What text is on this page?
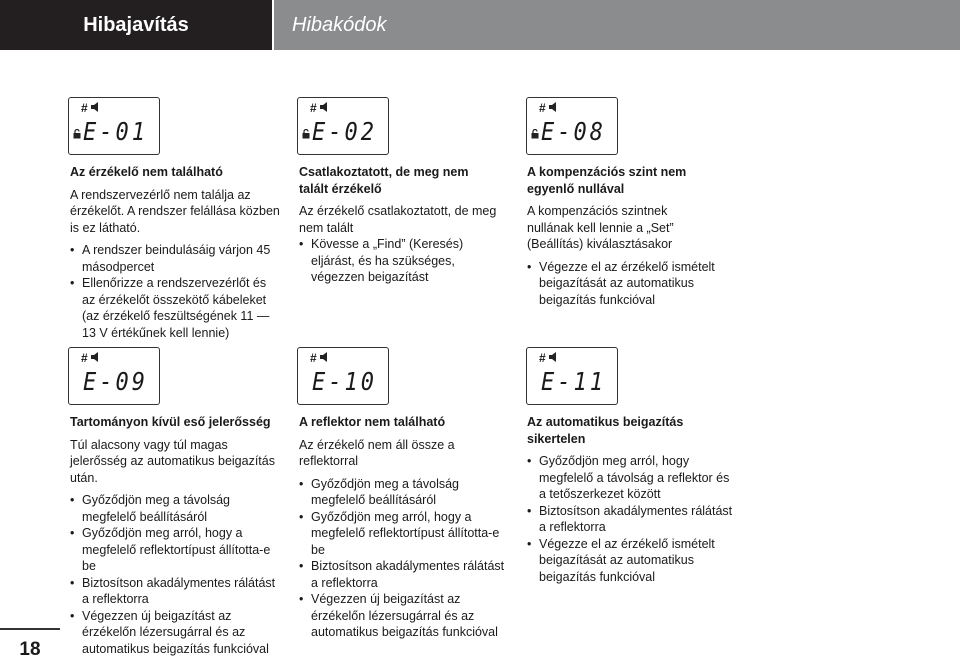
Hibajavítás	Hibakódok
#
E-01
#
E-02
#
E-08
#
E-09
#
E-10
#
E-11
Az érzékelő nem található

A rendszervezérlő nem találja az érzékelőt. A rendszer felállása közben is ez látható.

• A rendszer beindulásáig várjon 45 másodpercet
• Ellenőrizze a rendszervezérlőt és az érzékelőt összekötő kábeleket (az érzékelő feszültségének 11 — 13 V értékűnek kell lennie)
Csatlakoztatott, de meg nem talált érzékelő

Az érzékelő csatlakoztatott, de meg nem talált

• Kövesse a „Find” (Keresés) eljárást, és ha szükséges, végezzen beigazítást
A kompenzációs szint nem egyenlő nullával

A kompenzációs szintnek nullának kell lennie a „Set” (Beállítás) kiválasztásakor

• Végezze el az érzékelő ismételt beigazítását az automatikus beigazítás funkcióval
Tartományon kívül eső jelerősség

Túl alacsony vagy túl magas jelerősség az automatikus beigazítás után.

• Győződjön meg a távolság megfelelő beállításáról
• Győződjön meg arról, hogy a megfelelő reflektortípust állította-e be
• Biztosítson akadálymentes rálátást a reflektorra
• Végezzen új beigazítást az érzékelőn lézersugárral és az automatikus beigazítás funkcióval
A reflektor nem található

Az érzékelő nem áll össze a reflektorral

• Győződjön meg a távolság megfelelő beállításáról
• Győződjön meg arról, hogy a megfelelő reflektortípust állította-e be
• Biztosítson akadálymentes rálátást a reflektorra
• Végezzen új beigazítást az érzékelőn lézersugárral és az automatikus beigazítás funkcióval
Az automatikus beigazítás sikertelen
• Győződjön meg arról, hogy megfelelő a távolság a reflektor és a tetőszerkezet között
• Biztosítson akadálymentes rálátást a reflektorra
• Végezze el az érzékelő ismételt beigazítását az automatikus beigazítás funkcióval
18
